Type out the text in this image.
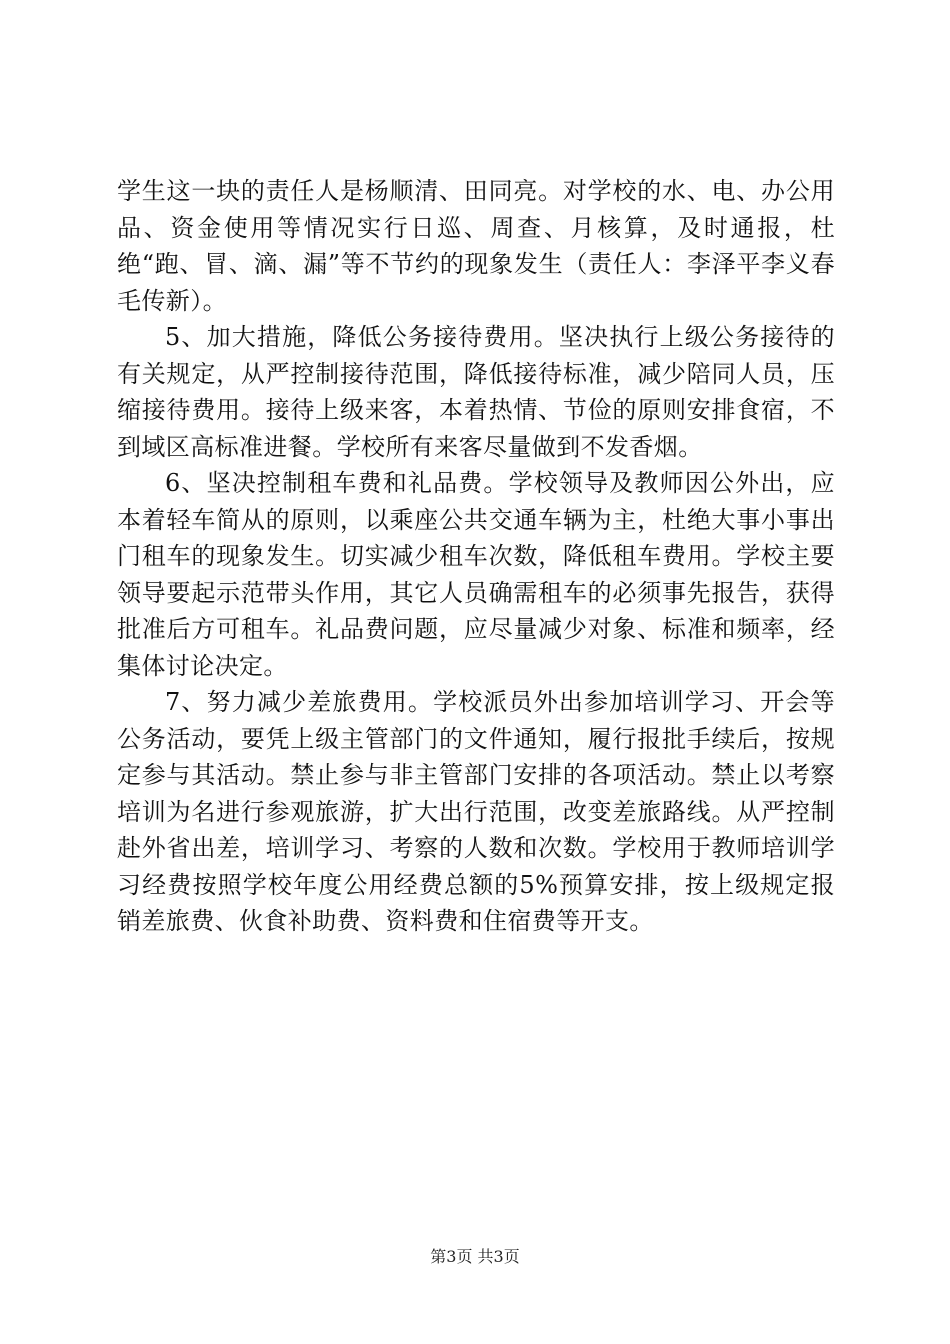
学生这一块的责任人是杨顺清、田同亮。对学校的水、电、办公用品、资金使用等情况实行日巡、周查、月核算，及时通报，杜绝“跑、冒、滴、漏”等不节约的现象发生（责任人：李泽平李义春毛传新）。

5、加大措施，降低公务接待费用。坚决执行上级公务接待的有关规定，从严控制接待范围，降低接待标准，减少陪同人员，压缩接待费用。接待上级来客，本着热情、节俭的原则安排食宿，不到域区高标准进餐。学校所有来客尽量做到不发香烟。

6、坚决控制租车费和礼品费。学校领导及教师因公外出，应本着轻车简从的原则，以乘座公共交通车辆为主，杜绝大事小事出门租车的现象发生。切实减少租车次数，降低租车费用。学校主要领导要起示范带头作用，其它人员确需租车的必须事先报告，获得批准后方可租车。礼品费问题，应尽量减少对象、标准和频率，经集体讨论决定。

7、努力减少差旅费用。学校派员外出参加培训学习、开会等公务活动，要凭上级主管部门的文件通知，履行报批手续后，按规定参与其活动。禁止参与非主管部门安排的各项活动。禁止以考察培训为名进行参观旅游，扩大出行范围，改变差旅路线。从严控制赴外省出差，培训学习、考察的人数和次数。学校用于教师培训学习经费按照学校年度公用经费总额的5%预算安排，按上级规定报销差旅费、伙食补助费、资料费和住宿费等开支。

第3页 共3页
